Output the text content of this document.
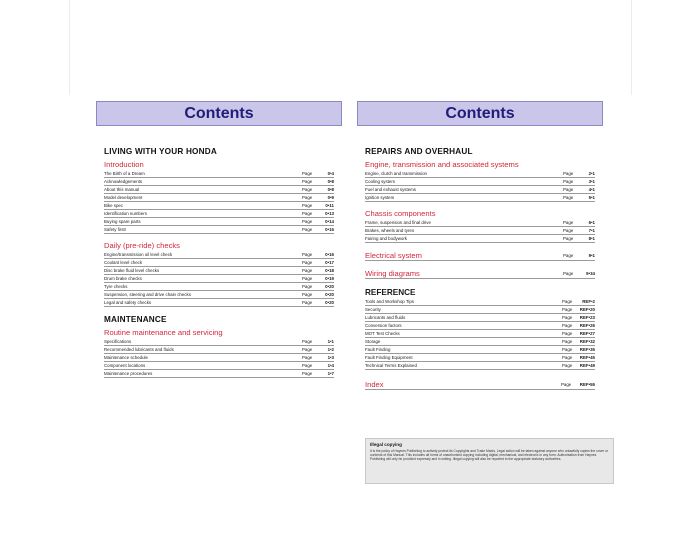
Contents
LIVING WITH YOUR HONDA
Introduction
The Birth of a Dream	Page	0•4
Acknowledgements	Page	0•8
About this manual	Page	0•8
Model development	Page	0•9
Bike spec	Page	0•11
Identification numbers	Page	0•13
Buying spare parts	Page	0•14
Safety first!	Page	0•15
Daily (pre-ride) checks
Engine/transmission oil level check	Page	0•16
Coolant level check	Page	0•17
Disc brake fluid level checks	Page	0•18
Drum brake checks	Page	0•19
Tyre checks	Page	0•20
Suspension, steering and drive chain checks	Page	0•20
Legal and safety checks	Page	0•20
MAINTENANCE
Routine maintenance and servicing
Specifications	Page	1•1
Recommended lubricants and fluids	Page	1•2
Maintenance schedule	Page	1•3
Component locations	Page	1•4
Maintenance procedures	Page	1•7
Contents
REPAIRS AND OVERHAUL
Engine, transmission and associated systems
Engine, clutch and transmission	Page	2•1
Cooling system	Page	3•1
Fuel and exhaust systems	Page	4•1
Ignition system	Page	5•1
Chassis components
Frame, suspension and final drive	Page	6•1
Brakes, wheels and tyres	Page	7•1
Fairing and bodywork	Page	8•1
Electrical system	Page	9•1
Wiring diagrams	Page	9•34
REFERENCE
Tools and Workshop Tips	Page	REF•2
Security	Page	REF•20
Lubricants and fluids	Page	REF•23
Conversion factors	Page	REF•26
MOT Test Checks	Page	REF•27
Storage	Page	REF•32
Fault Finding	Page	REF•35
Fault Finding Equipment	Page	REF•45
Technical Terms Explained	Page	REF•49
Index	Page	REF•55
Illegal copying
It is the policy of Haynes Publishing to actively protect its Copyrights and Trade Marks. Legal action will be taken against anyone who unlawfully copies the cover or contents of this Manual. This includes all forms of unauthorised copying including digital, mechanical, and electronic in any form. Authorisation from Haynes Publishing will only be provided expressly and in writing. Illegal copying will also be reported to the appropriate statutory authorities.
